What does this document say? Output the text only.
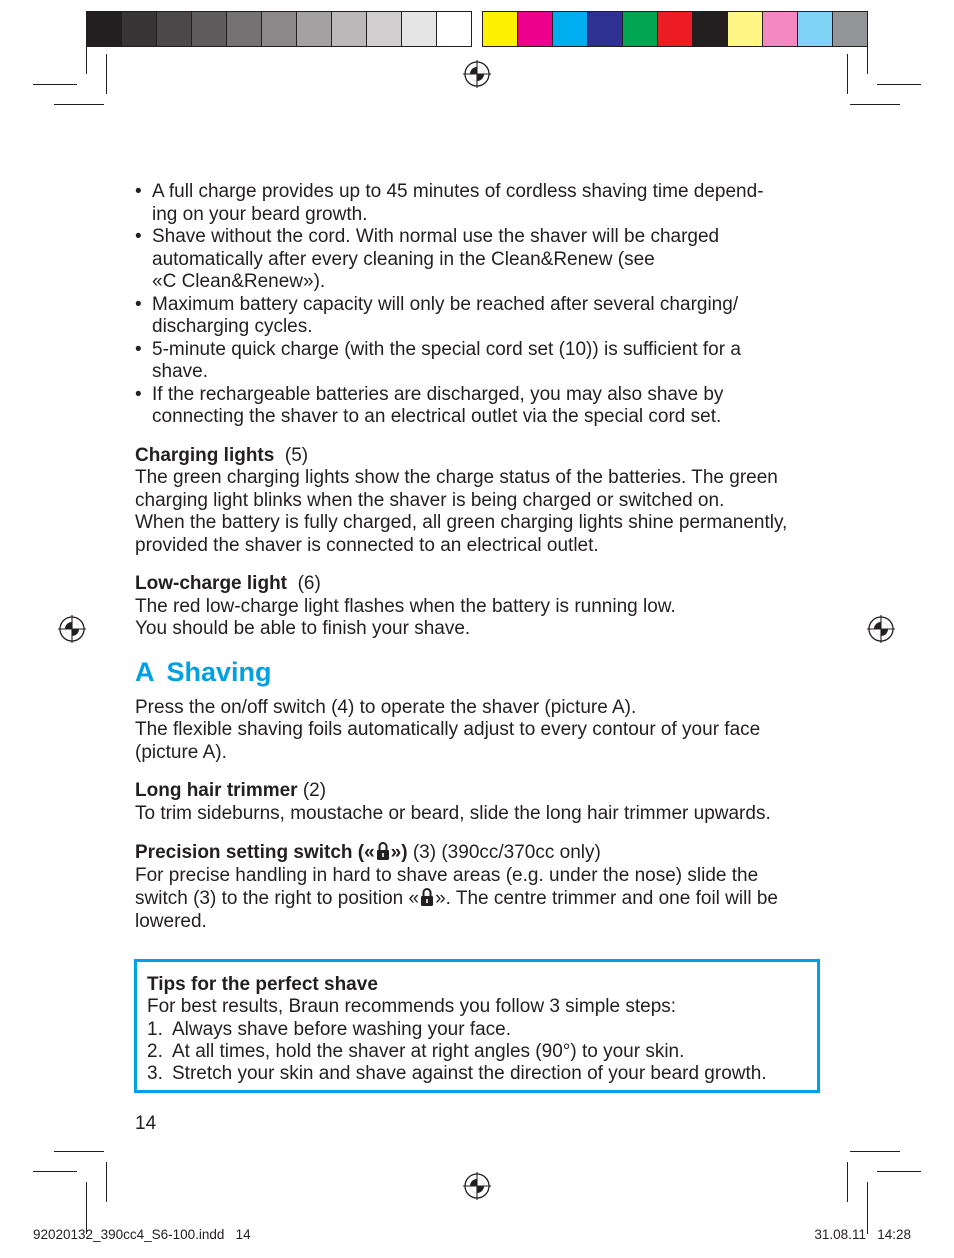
• A full charge provides up to 45 minutes of cordless shaving time depend-
ing on your beard growth.
• Shave without the cord. With normal use the shaver will be charged
automatically after every cleaning in the Clean&Renew (see
«C Clean&Renew»).
• Maximum battery capacity will only be reached after several charging/
discharging cycles.
• 5-minute quick charge (with the special cord set (10)) is sufficient for a
shave.
• If the rechargeable batteries are discharged, you may also shave by
connecting the shaver to an electrical outlet via the special cord set.

Charging lights (5)

The green charging lights show the charge status of the batteries. The green
charging light blinks when the shaver is being charged or switched on.
When the battery is fully charged, all green charging lights shine permanently,
provided the shaver is connected to an electrical outlet.

Low-charge light (6)

The red low-charge light flashes when the battery is running low.
You should be able to finish your shave.

A Shaving

Press the on/off switch (4) to operate the shaver (picture A).
The flexible shaving foils automatically adjust to every contour of your face
(picture A).

Long hair trimmer (2)

To trim sideburns, moustache or beard, slide the long hair trimmer upwards.

Precision setting switch (« ») (3) (390cc/370cc only)

For precise handling in hard to shave areas (e.g. under the nose) slide the
switch (3) to the right to position « ». The centre trimmer and one foil will be
lowered.

Tips for the perfect shave
For best results, Braun recommends you follow 3 simple steps:
1. Always shave before washing your face.
2. At all times, hold the shaver at right angles (90°) to your skin.
3. Stretch your skin and shave against the direction of your beard growth.
14
92020132_390cc4_S6-100.indd   14	31.08.11   14:28
